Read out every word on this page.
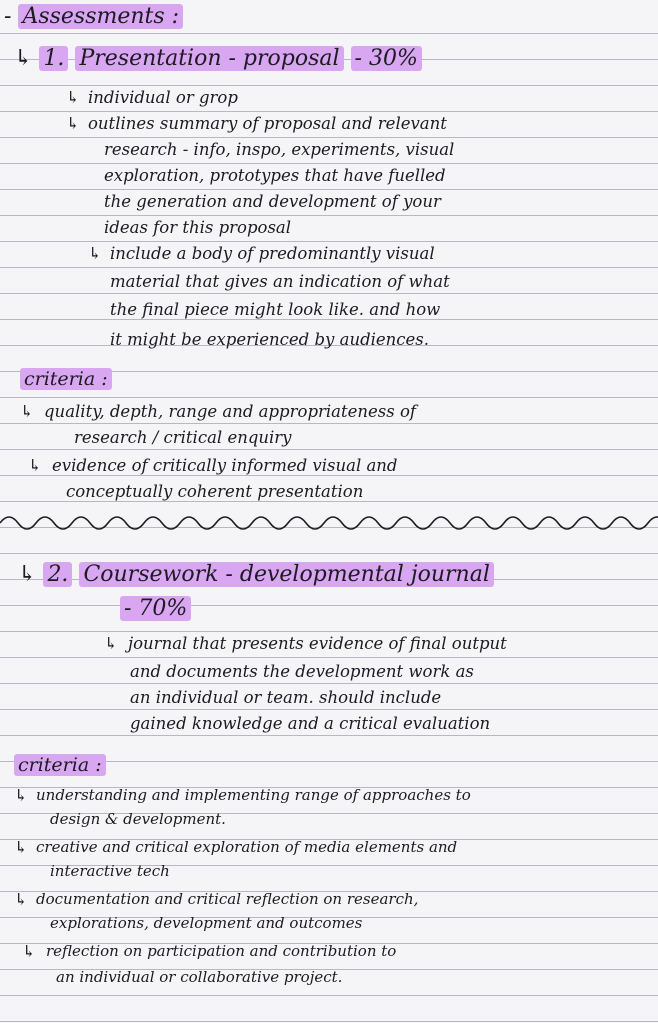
- Assessments :
↳ 1. Presentation - proposal - 30%
↳ individual or grop
↳ outlines summary of proposal and relevant
research - info, inspo, experiments, visual
exploration, prototypes that have fuelled
the generation and development of your
ideas for this proposal
↳ include a body of predominantly visual
material that gives an indication of what
the final piece might look like. and how
it might be experienced by audiences.
criteria :
↳ quality, depth, range and appropriateness of
research / critical enquiry
↳ evidence of critically informed visual and
conceptually coherent presentation
↳ 2. Coursework - developmental journal
- 70%
↳ journal that presents evidence of final output
and documents the development work as
an individual or team. should include
gained knowledge and a critical evaluation
criteria :
↳ understanding and implementing range of approaches to
design & development.
↳ creative and critical exploration of media elements and
interactive tech
↳ documentation and critical reflection on research,
explorations, development and outcomes
↳ reflection on participation and contribution to
an individual or collaborative project.
